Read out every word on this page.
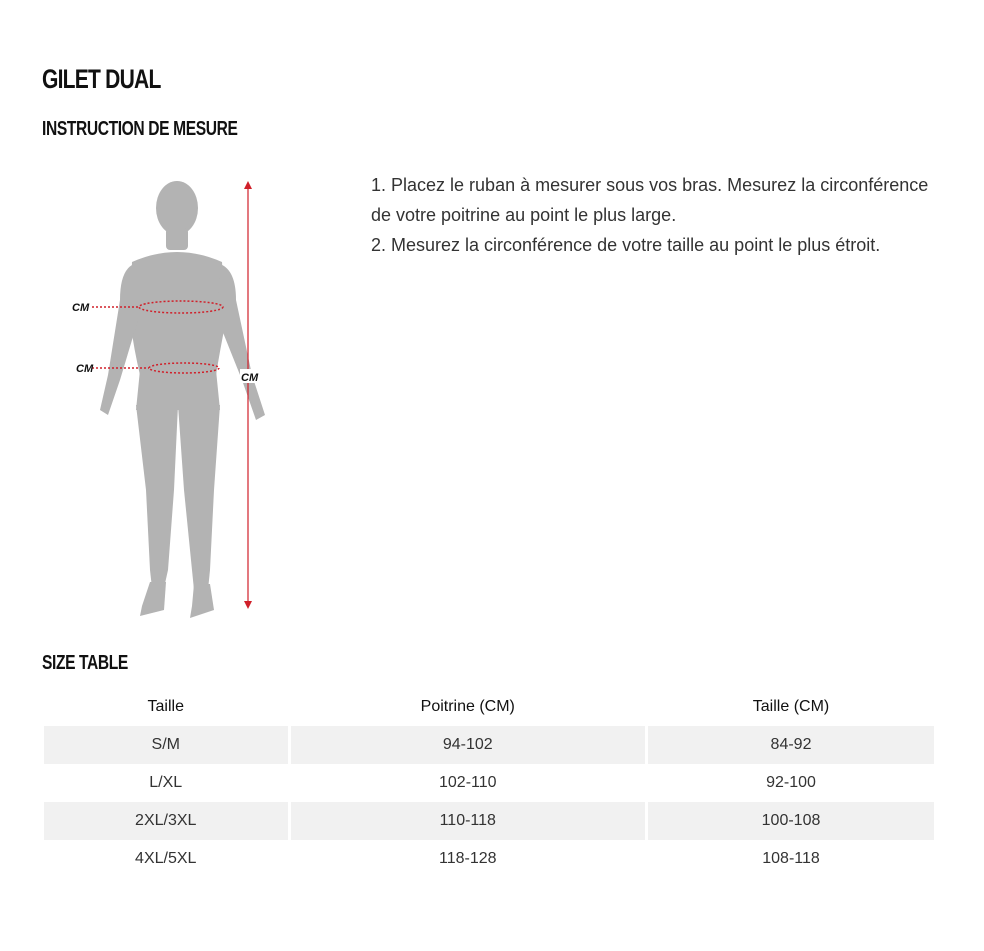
GILET DUAL
INSTRUCTION DE MESURE
CM
CM
CM

1. Placez le ruban à mesurer sous vos bras. Mesurez la circonférence de votre poitrine au point le plus large.

2. Mesurez la circonférence de votre taille au point le plus étroit.

SIZE TABLE
Taille	Poitrine (CM)	Taille (CM)
S/M	94-102	84-92
L/XL	102-110	92-100
2XL/3XL	110-118	100-108
4XL/5XL	118-128	108-118
